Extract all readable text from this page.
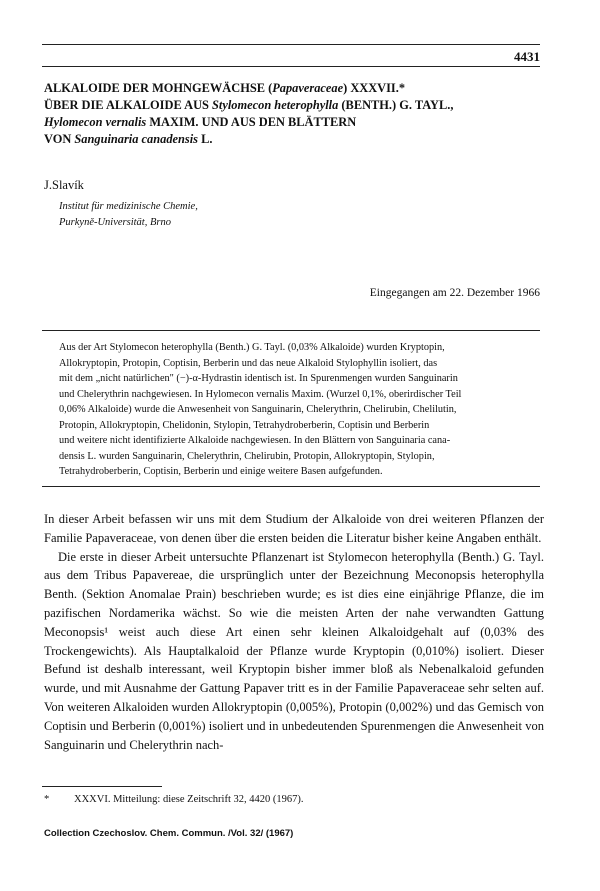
4431
ALKALOIDE DER MOHNGEWÄCHSE (Papaveraceae) XXXVII.*
ÜBER DIE ALKALOIDE AUS Stylomecon heterophylla (BENTH.) G. TAYL.,
Hylomecon vernalis MAXIM. UND AUS DEN BLÄTTERN
VON Sanguinaria canadensis L.
J.Slavík
Institut für medizinische Chemie,
Purkyně-Universität, Brno
Eingegangen am 22. Dezember 1966
Aus der Art Stylomecon heterophylla (Benth.) G. Tayl. (0,03% Alkaloide) wurden Kryptopin,
Allokryptopin, Protopin, Coptisin, Berberin und das neue Alkaloid Stylophyllin isoliert, das
mit dem „nicht natürlichen" (−)-α-Hydrastin identisch ist. In Spurenmengen wurden Sanguinarin
und Chelerythrin nachgewiesen. In Hylomecon vernalis Maxim. (Wurzel 0,1%, oberirdischer Teil
0,06% Alkaloide) wurde die Anwesenheit von Sanguinarin, Chelerythrin, Chelirubin, Chelilutin,
Protopin, Allokryptopin, Chelidonin, Stylopin, Tetrahydroberberin, Coptisin und Berberin
und weitere nicht identifizierte Alkaloide nachgewiesen. In den Blättern von Sanguinaria cana-
densis L. wurden Sanguinarin, Chelerythrin, Chelirubin, Protopin, Allokryptopin, Stylopin,
Tetrahydroberberin, Coptisin, Berberin und einige weitere Basen aufgefunden.

In dieser Arbeit befassen wir uns mit dem Studium der Alkaloide von drei weiteren Pflanzen der Familie Papaveraceae, von denen über die ersten beiden die Literatur bisher keine Angaben enthält.

Die erste in dieser Arbeit untersuchte Pflanzenart ist Stylomecon heterophylla (Benth.) G. Tayl. aus dem Tribus Papavereae, die ursprünglich unter der Bezeichnung Meconopsis heterophylla Benth. (Sektion Anomalae Prain) beschrieben wurde; es ist dies eine einjährige Pflanze, die im pazifischen Nordamerika wächst. So wie die meisten Arten der nahe verwandten Gattung Meconopsis¹ weist auch diese Art einen sehr kleinen Alkaloidgehalt auf (0,03% des Trockengewichts). Als Hauptalkaloid der Pflanze wurde Kryptopin (0,010%) isoliert. Dieser Befund ist deshalb interessant, weil Kryptopin bisher immer bloß als Nebenalkaloid gefunden wurde, und mit Ausnahme der Gattung Papaver tritt es in der Familie Papaveraceae sehr selten auf. Von weiteren Alkaloiden wurden Allokryptopin (0,005%), Protopin (0,002%) und das Gemisch von Coptisin und Berberin (0,001%) isoliert und in unbedeutenden Spurenmengen die Anwesenheit von Sanguinarin und Chelerythrin nach-

* XXXVI. Mitteilung: diese Zeitschrift 32, 4420 (1967).
Collection Czechoslov. Chem. Commun. /Vol. 32/ (1967)
